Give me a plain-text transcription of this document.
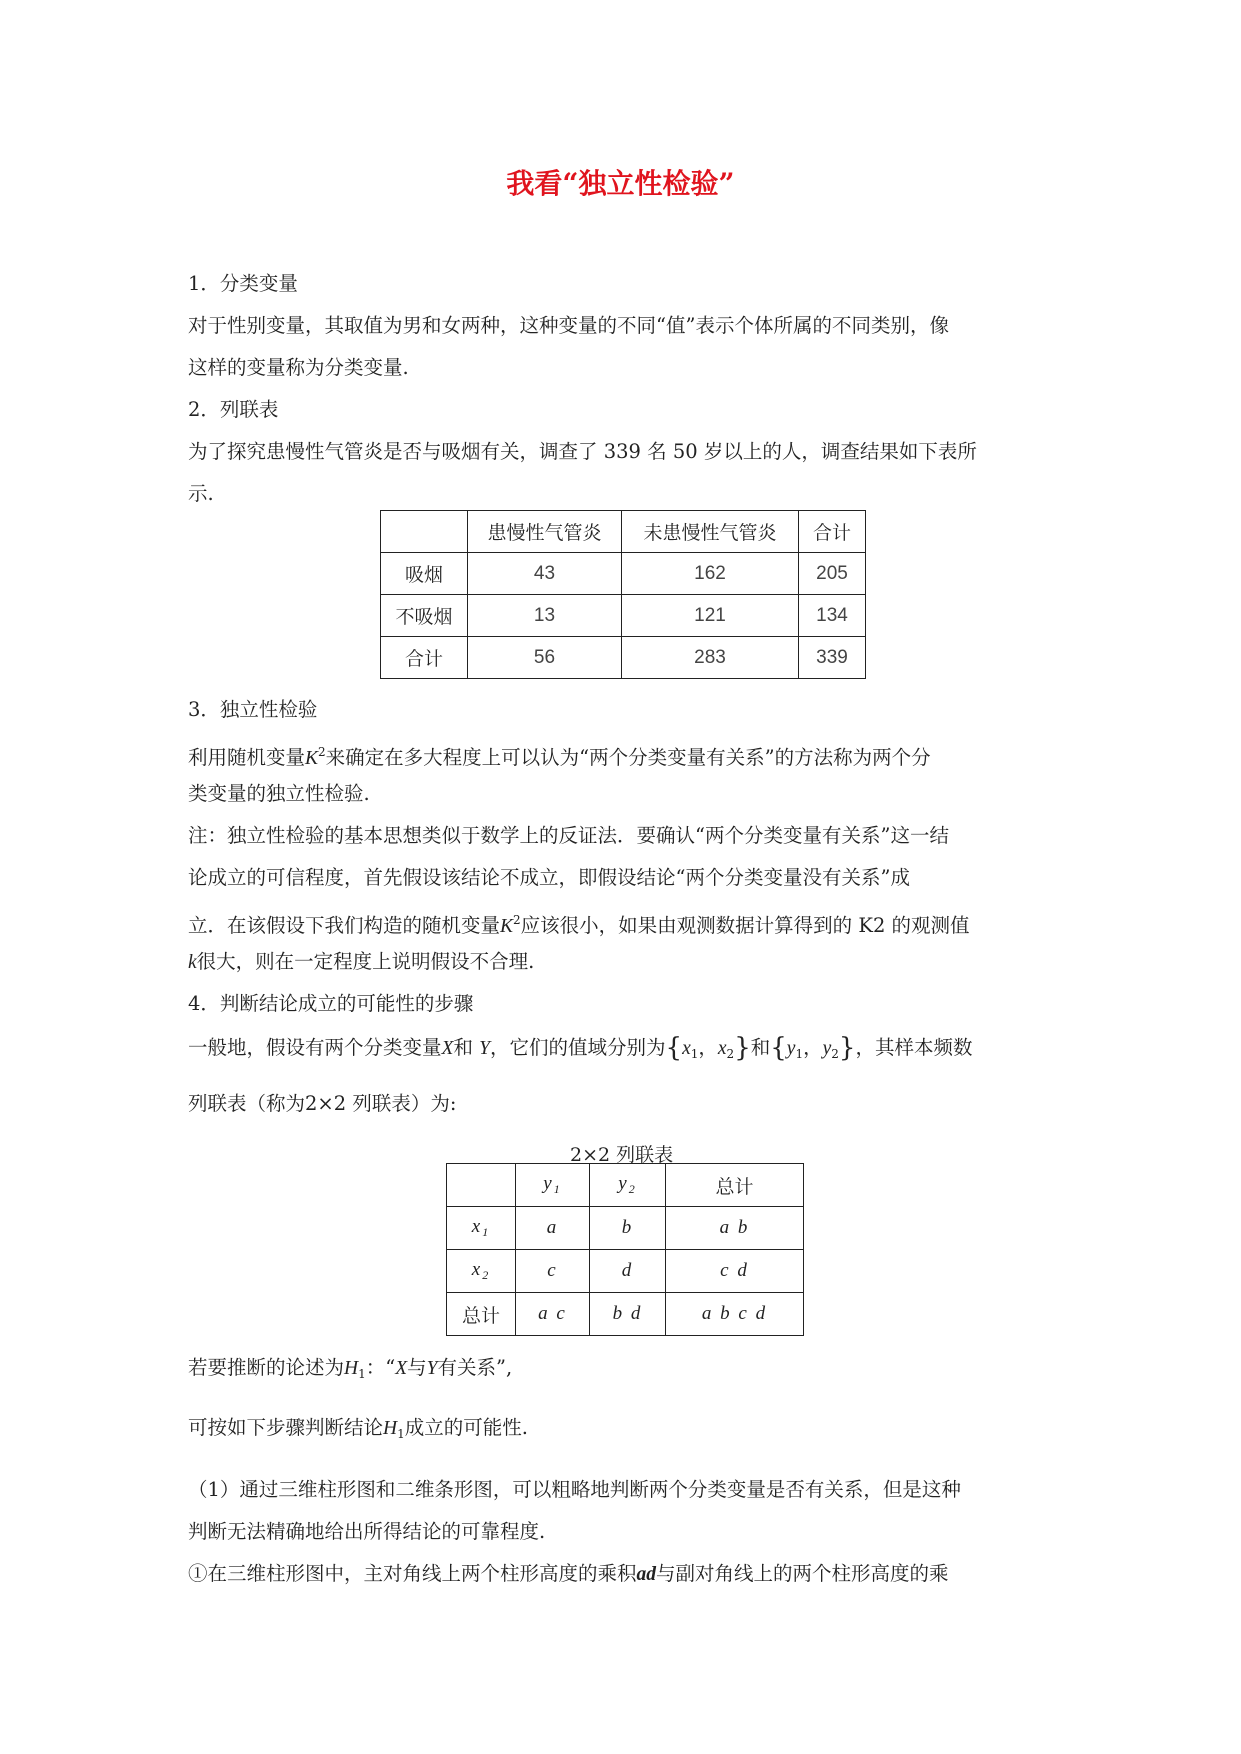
我看“独立性检验”
1．分类变量
对于性别变量，其取值为男和女两种，这种变量的不同“值”表示个体所属的不同类别，像
这样的变量称为分类变量.
2．列联表
为了探究患慢性气管炎是否与吸烟有关，调查了 339 名 50 岁以上的人，调查结果如下表所
示.
	患慢性气管炎	未患慢性气管炎	合计
吸烟	43	162	205
不吸烟	13	121	134
合计	56	283	339
3．独立性检验
利用随机变量$K^2$来确定在多大程度上可以认为“两个分类变量有关系”的方法称为两个分
类变量的独立性检验.
注：独立性检验的基本思想类似于数学上的反证法．要确认“两个分类变量有关系”这一结
论成立的可信程度，首先假设该结论不成立，即假设结论“两个分类变量没有关系”成
立．在该假设下我们构造的随机变量$K^2$应该很小，如果由观测数据计算得到的 K2 的观测值
k很大，则在一定程度上说明假设不合理.
4．判断结论成立的可能性的步骤
一般地，假设有两个分类变量X和 Y，它们的值域分别为{$x_1$，$x_2$}和{$y_1$，$y_2$}，其样本频数
列联表（称为2×2 列联表）为:
2×2 列联表
	$y_1$	$y_2$	总计
$x_1$	a	b	a b
$x_2$	c	d	c d
总计	a c	b d	a b c d
若要推断的论述为$H_1$：“X与Y有关系”,
可按如下步骤判断结论$H_1$成立的可能性.
（1）通过三维柱形图和二维条形图，可以粗略地判断两个分类变量是否有关系，但是这种
判断无法精确地给出所得结论的可靠程度.
①在三维柱形图中，主对角线上两个柱形高度的乘积ad与副对角线上的两个柱形高度的乘
